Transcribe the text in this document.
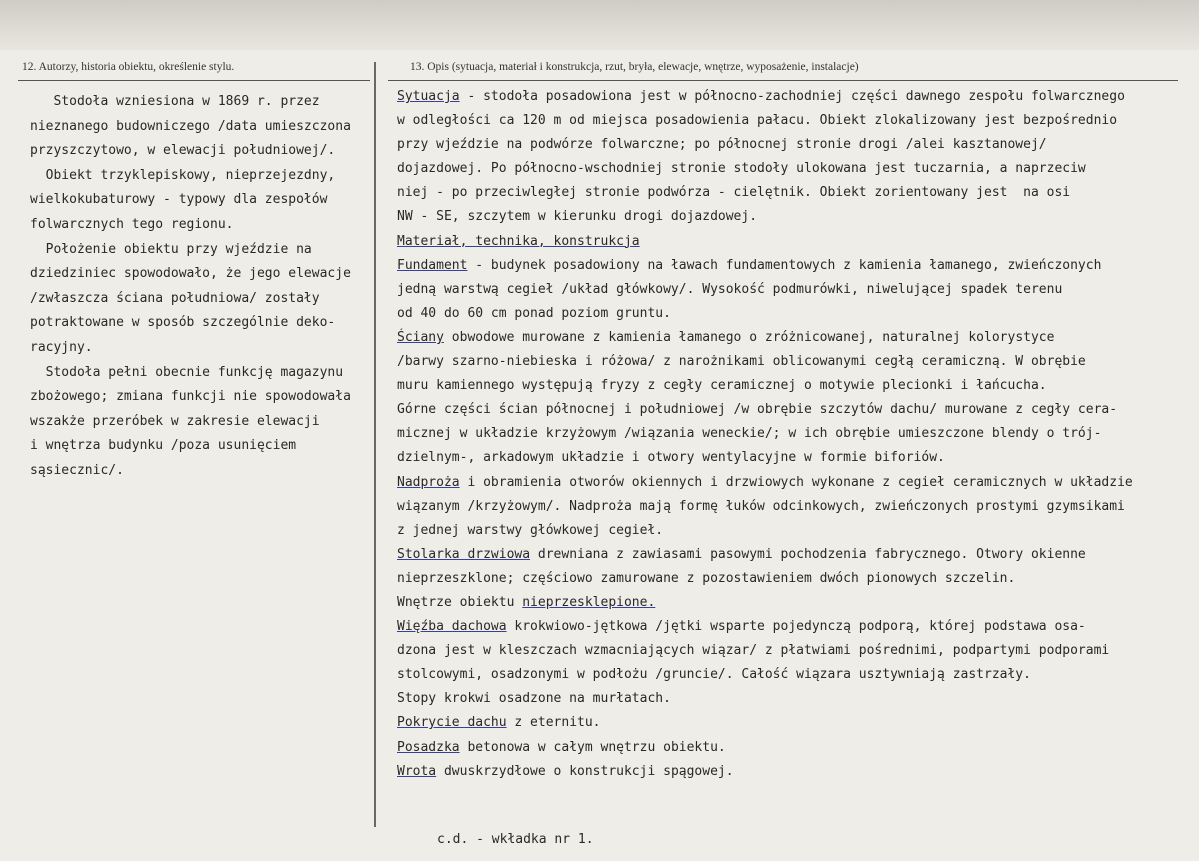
12. Autorzy, historia obiektu, określenie stylu.	13. Opis (sytuacja, materiał i konstrukcja, rzut, bryła, elewacje, wnętrze, wyposażenie, instalacje)
Stodoła wzniesiona w 1869 r. przez
nieznanego budowniczego /data umieszczona
przyszczytowo, w elewacji południowej/.
Obiekt trzyklepiskowy, nieprzejezdny,
wielkokubaturowy - typowy dla zespołów
folwarcznych tego regionu.
Położenie obiektu przy wjeździe na
dziedziniec spowodowało, że jego elewacje
/zwłaszcza ściana południowa/ zostały
potraktowane w sposób szczególnie deko-
racyjny.
Stodoła pełni obecnie funkcję magazynu
zbożowego; zmiana funkcji nie spowodowała
wszakże przeróbek w zakresie elewacji
i wnętrza budynku /poza usunięciem
sąsiecznic/.
Sytuacja - stodoła posadowiona jest w północno-zachodniej części dawnego zespołu folwarcznego
w odległości ca 120 m od miejsca posadowienia pałacu. Obiekt zlokalizowany jest bezpośrednio
przy wjeździe na podwórze folwarczne; po północnej stronie drogi /alei kasztanowej/
dojazdowej. Po północno-wschodniej stronie stodoły ulokowana jest tuczarnia, a naprzeciw
niej - po przeciwległej stronie podwórza - cielętnik. Obiekt zorientowany jest  na osi
NW - SE, szczytem w kierunku drogi dojazdowej.
Materiał, technika, konstrukcja
Fundament - budynek posadowiony na ławach fundamentowych z kamienia łamanego, zwieńczonych
jedną warstwą cegieł /układ główkowy/. Wysokość podmurówki, niwelującej spadek terenu
od 40 do 60 cm ponad poziom gruntu.
Ściany obwodowe murowane z kamienia łamanego o zróżnicowanej, naturalnej kolorystyce
/barwy szarno-niebieska i różowa/ z narożnikami oblicowanymi cegłą ceramiczną. W obrębie
muru kamiennego występują fryzy z cegły ceramicznej o motywie plecionki i łańcucha.
Górne części ścian północnej i południowej /w obrębie szczytów dachu/ murowane z cegły cera-
micznej w układzie krzyżowym /wiązania weneckie/; w ich obrębie umieszczone blendy o trój-
dzielnym-, arkadowym układzie i otwory wentylacyjne w formie biforiów.
Nadproża i obramienia otworów okiennych i drzwiowych wykonane z cegieł ceramicznych w układzie
wiązanym /krzyżowym/. Nadproża mają formę łuków odcinkowych, zwieńczonych prostymi gzymsikami
z jednej warstwy główkowej cegieł.
Stolarka drzwiowa drewniana z zawiasami pasowymi pochodzenia fabrycznego. Otwory okienne
nieprzeszklone; częściowo zamurowane z pozostawieniem dwóch pionowych szczelin.
Wnętrze obiektu nieprzesklepione.
Więźba dachowa krokwiowo-jętkowa /jętki wsparte pojedynczą podporą, której podstawa osa-
dzona jest w kleszczach wzmacniających wiązar/ z płatwiami pośrednimi, podpartymi podporami
stolcowymi, osadzonymi w podłożu /gruncie/. Całość wiązara usztywniają zastrzały.
Stopy krokwi osadzone na murłatach.
Pokrycie dachu z eternitu.
Posadzka betonowa w całym wnętrzu obiektu.
Wrota dwuskrzydłowe o konstrukcji spągowej.
c.d. - wkładka nr 1.
